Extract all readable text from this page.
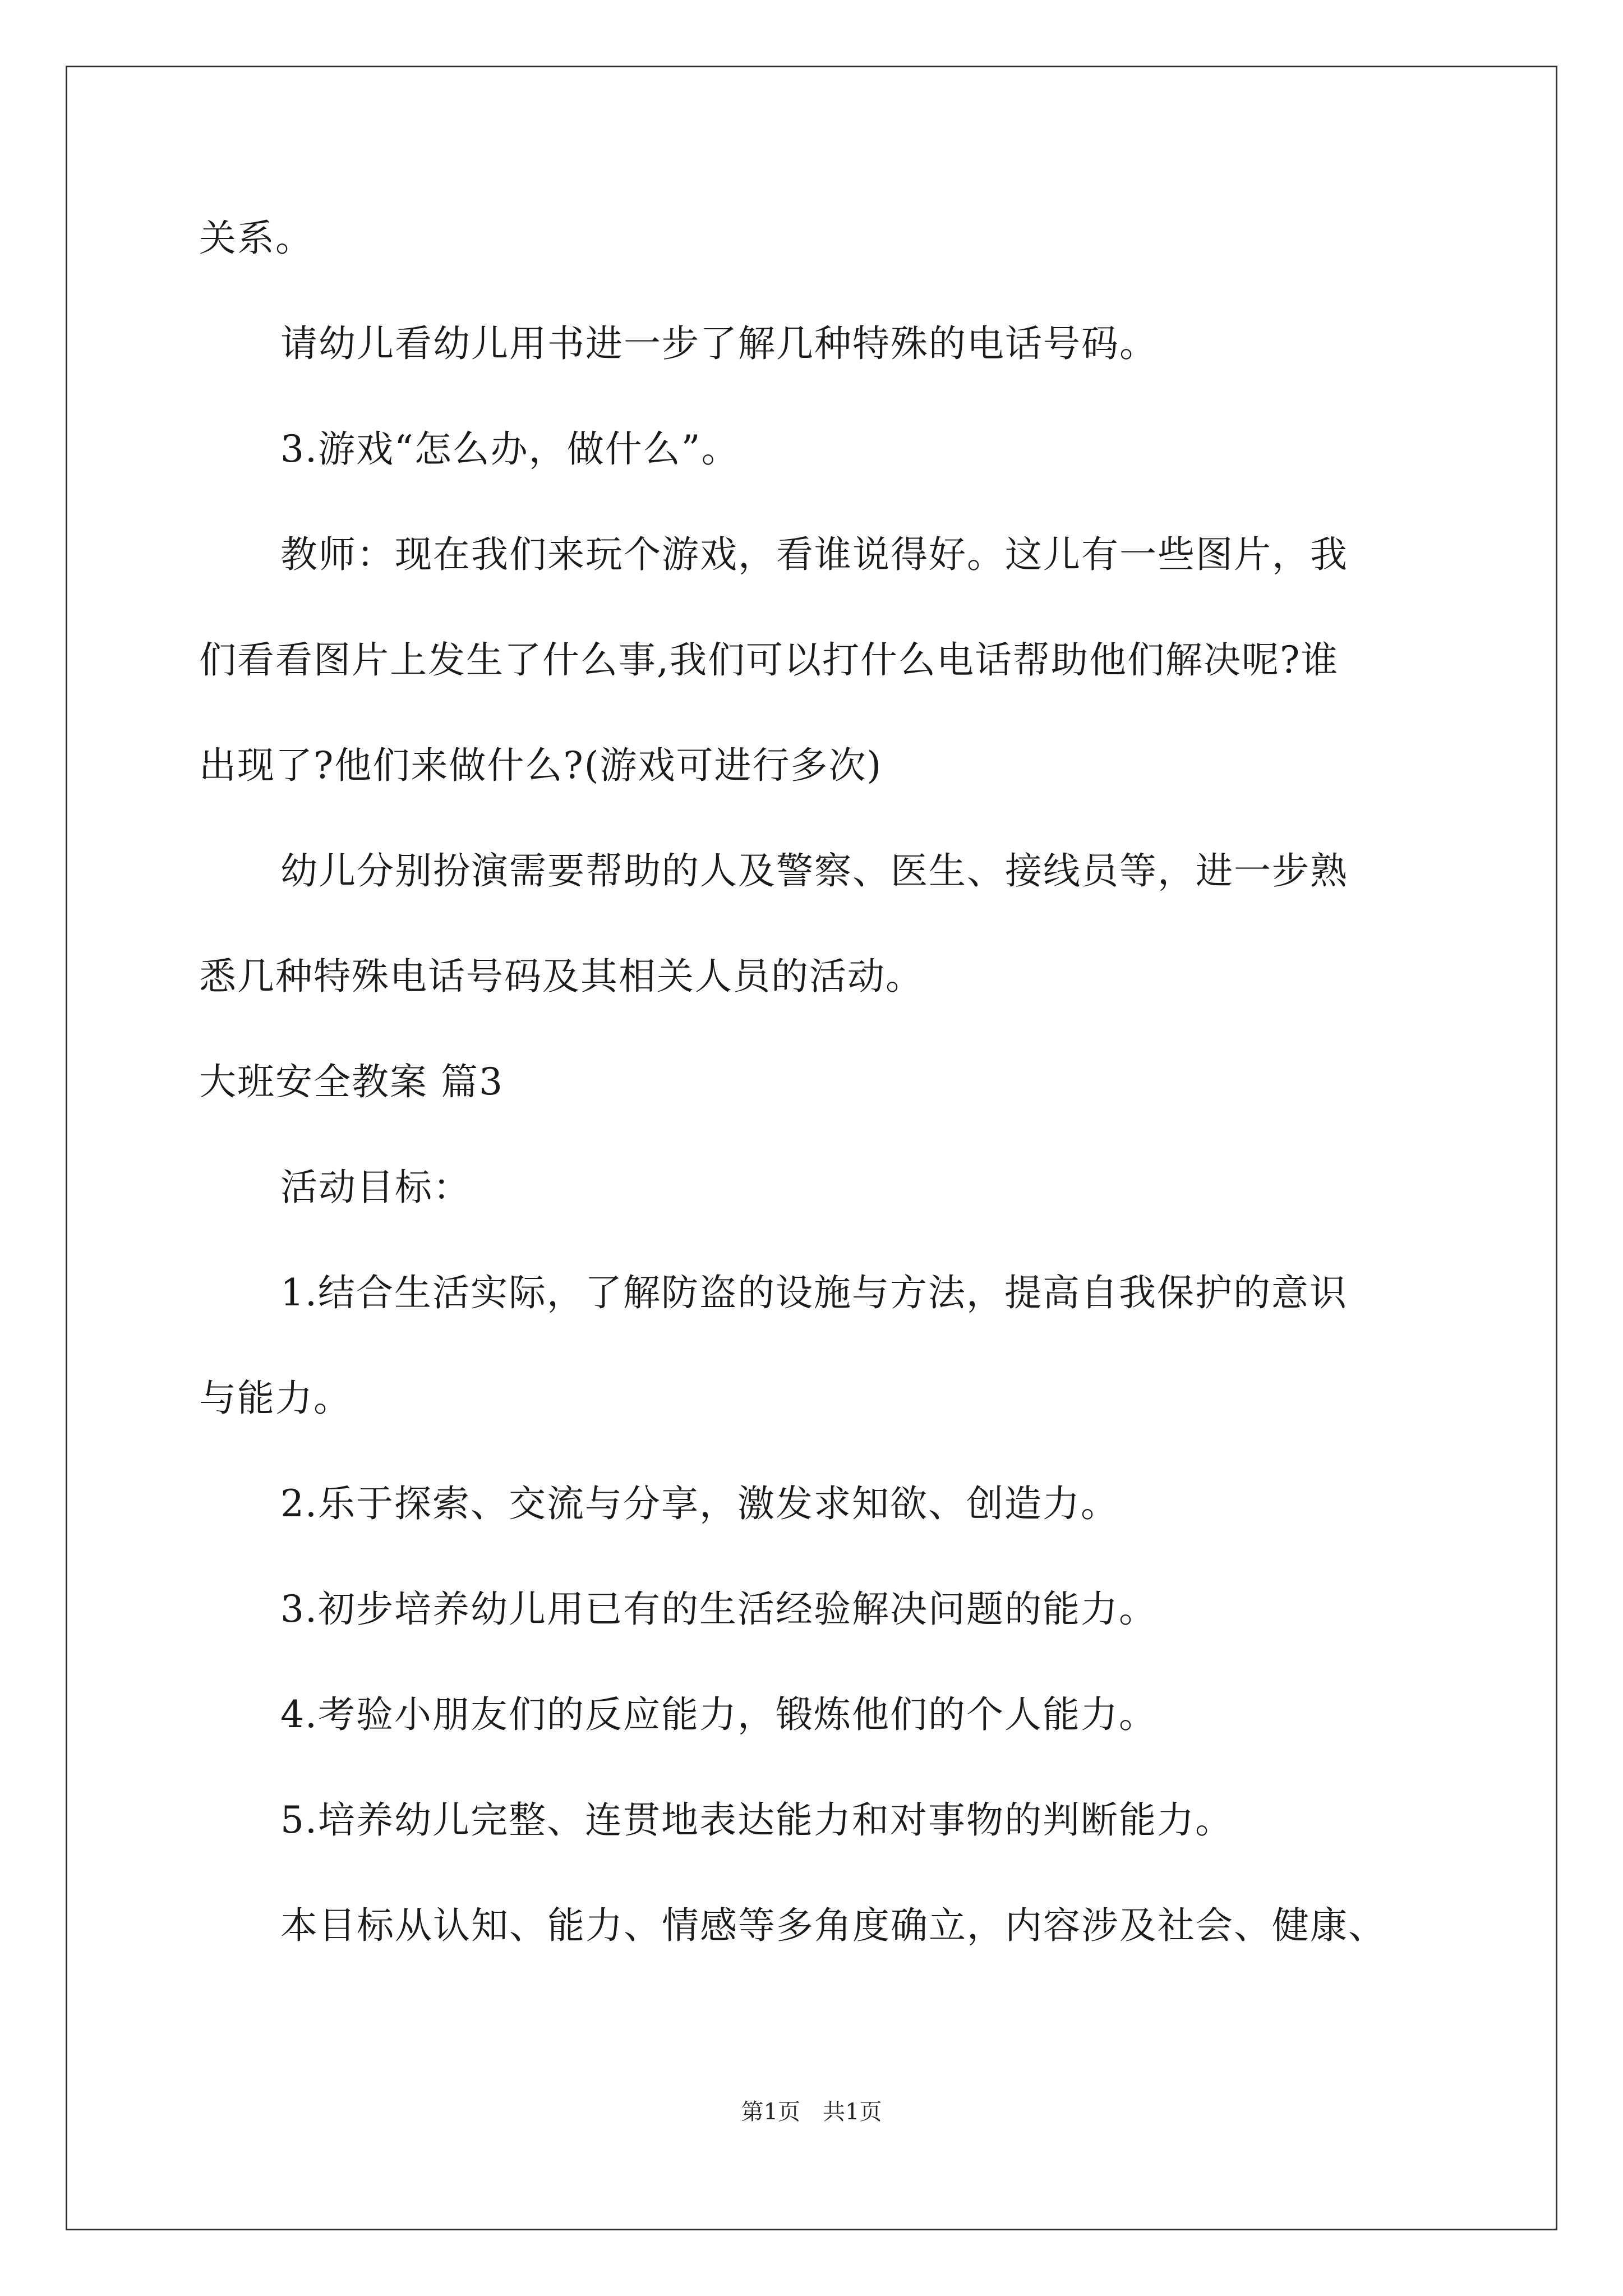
关系。
请幼儿看幼儿用书进一步了解几种特殊的电话号码。
3.游戏“怎么办，做什么”。
教师：现在我们来玩个游戏，看谁说得好。这儿有一些图片，我
们看看图片上发生了什么事,我们可以打什么电话帮助他们解决呢?谁
出现了?他们来做什么?(游戏可进行多次)
幼儿分别扮演需要帮助的人及警察、医生、接线员等，进一步熟
悉几种特殊电话号码及其相关人员的活动。
大班安全教案 篇3
活动目标：
1.结合生活实际，了解防盗的设施与方法，提高自我保护的意识
与能力。
2.乐于探索、交流与分享，激发求知欲、创造力。
3.初步培养幼儿用已有的生活经验解决问题的能力。
4.考验小朋友们的反应能力，锻炼他们的个人能力。
5.培养幼儿完整、连贯地表达能力和对事物的判断能力。
本目标从认知、能力、情感等多角度确立，内容涉及社会、健康、
第1页　共1页
